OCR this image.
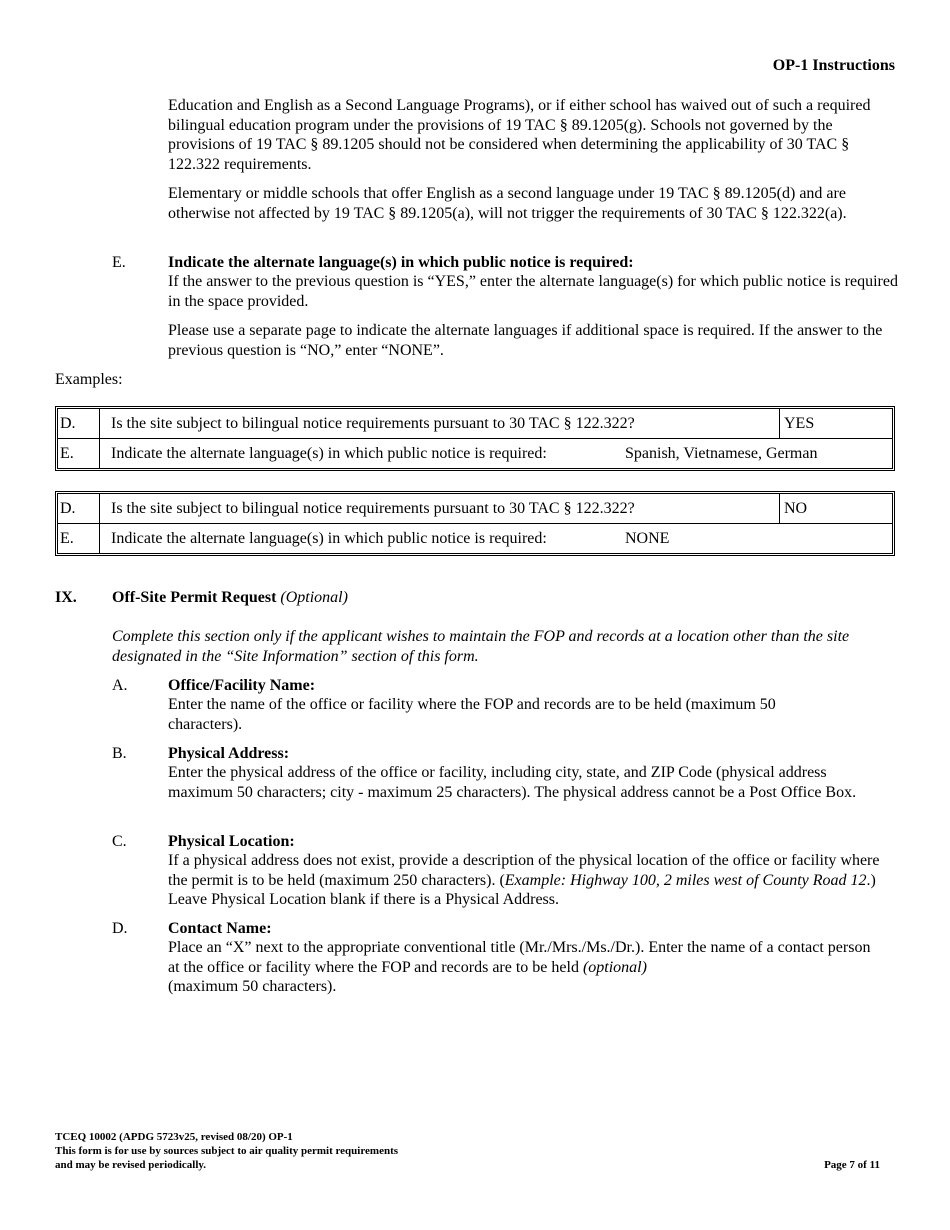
OP-1 Instructions

Education and English as a Second Language Programs), or if either school has waived out of such a required bilingual education program under the provisions of 19 TAC § 89.1205(g). Schools not governed by the provisions of 19 TAC § 89.1205 should not be considered when determining the applicability of 30 TAC § 122.322 requirements.

Elementary or middle schools that offer English as a second language under 19 TAC § 89.1205(d) and are otherwise not affected by 19 TAC § 89.1205(a), will not trigger the requirements of 30 TAC § 122.322(a).

E.	Indicate the alternate language(s) in which public notice is required:
If the answer to the previous question is “YES,” enter the alternate language(s) for which public notice is required in the space provided.
Please use a separate page to indicate the alternate languages if additional space is required. If the answer to the previous question is “NO,” enter “NONE”.
Examples:
D.	Is the site subject to bilingual notice requirements pursuant to 30 TAC § 122.322?	YES
E.	Indicate the alternate language(s) in which public notice is required: Spanish, Vietnamese, German	
D.	Is the site subject to bilingual notice requirements pursuant to 30 TAC § 122.322?	NO
E.	Indicate the alternate language(s) in which public notice is required: NONE	
IX. Off-Site Permit Request (Optional)
Complete this section only if the applicant wishes to maintain the FOP and records at a location other than the site designated in the “Site Information” section of this form.
A.	Office/Facility Name:
Enter the name of the office or facility where the FOP and records are to be held (maximum 50 characters).
B.	Physical Address:
Enter the physical address of the office or facility, including city, state, and ZIP Code (physical address maximum 50 characters; city - maximum 25 characters). The physical address cannot be a Post Office Box.
C.	Physical Location:
If a physical address does not exist, provide a description of the physical location of the office or facility where the permit is to be held (maximum 250 characters). (Example: Highway 100, 2 miles west of County Road 12.) Leave Physical Location blank if there is a Physical Address.
D.	Contact Name:
Place an “X” next to the appropriate conventional title (Mr./Mrs./Ms./Dr.). Enter the name of a contact person at the office or facility where the FOP and records are to be held (optional)
(maximum 50 characters).
TCEQ 10002 (APDG 5723v25, revised 08/20) OP-1
This form is for use by sources subject to air quality permit requirements
and may be revised periodically.	Page 7 of 11
